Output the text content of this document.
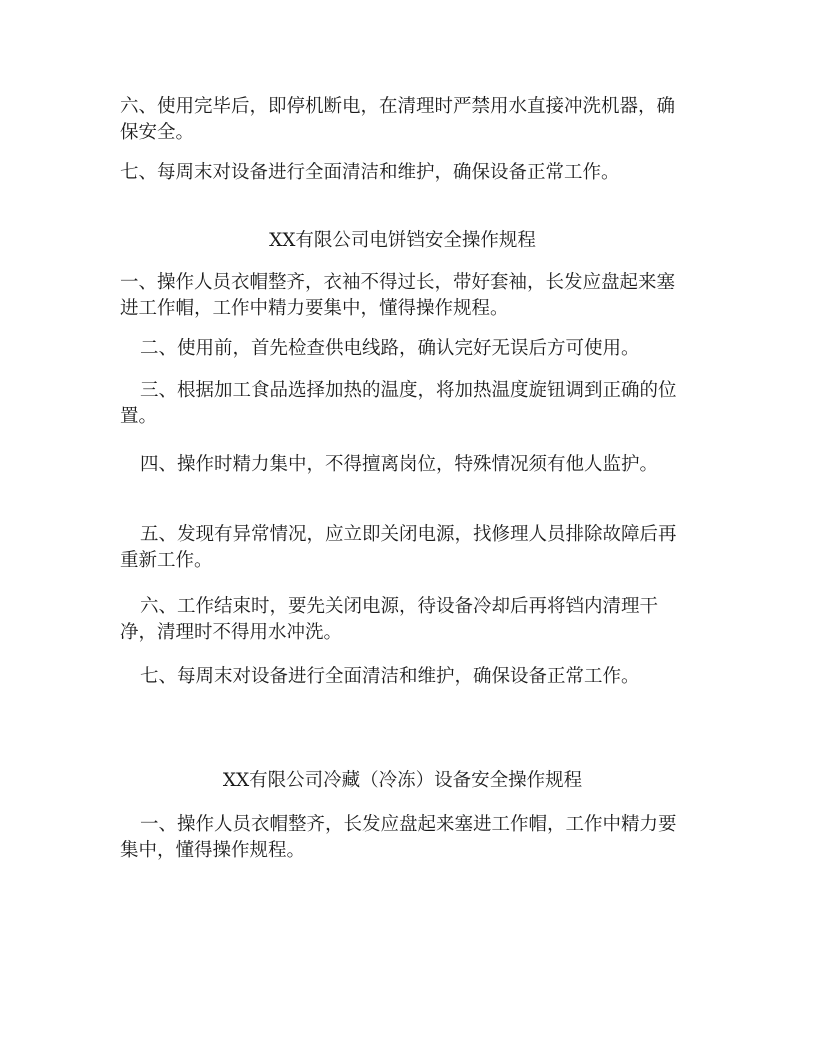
六、使用完毕后，即停机断电，在清理时严禁用水直接冲洗机器，确保安全。

七、每周末对设备进行全面清洁和维护，确保设备正常工作。

XX有限公司电饼铛安全操作规程

一、操作人员衣帽整齐，衣袖不得过长，带好套袖，长发应盘起来塞进工作帽，工作中精力要集中，懂得操作规程。

二、使用前，首先检查供电线路，确认完好无误后方可使用。

三、根据加工食品选择加热的温度，将加热温度旋钮调到正确的位置。

四、操作时精力集中，不得擅离岗位，特殊情况须有他人监护。

五、发现有异常情况，应立即关闭电源，找修理人员排除故障后再重新工作。

六、工作结束时，要先关闭电源，待设备冷却后再将铛内清理干净，清理时不得用水冲洗。

七、每周末对设备进行全面清洁和维护，确保设备正常工作。

XX有限公司冷藏（冷冻）设备安全操作规程

一、操作人员衣帽整齐，长发应盘起来塞进工作帽，工作中精力要集中，懂得操作规程。
